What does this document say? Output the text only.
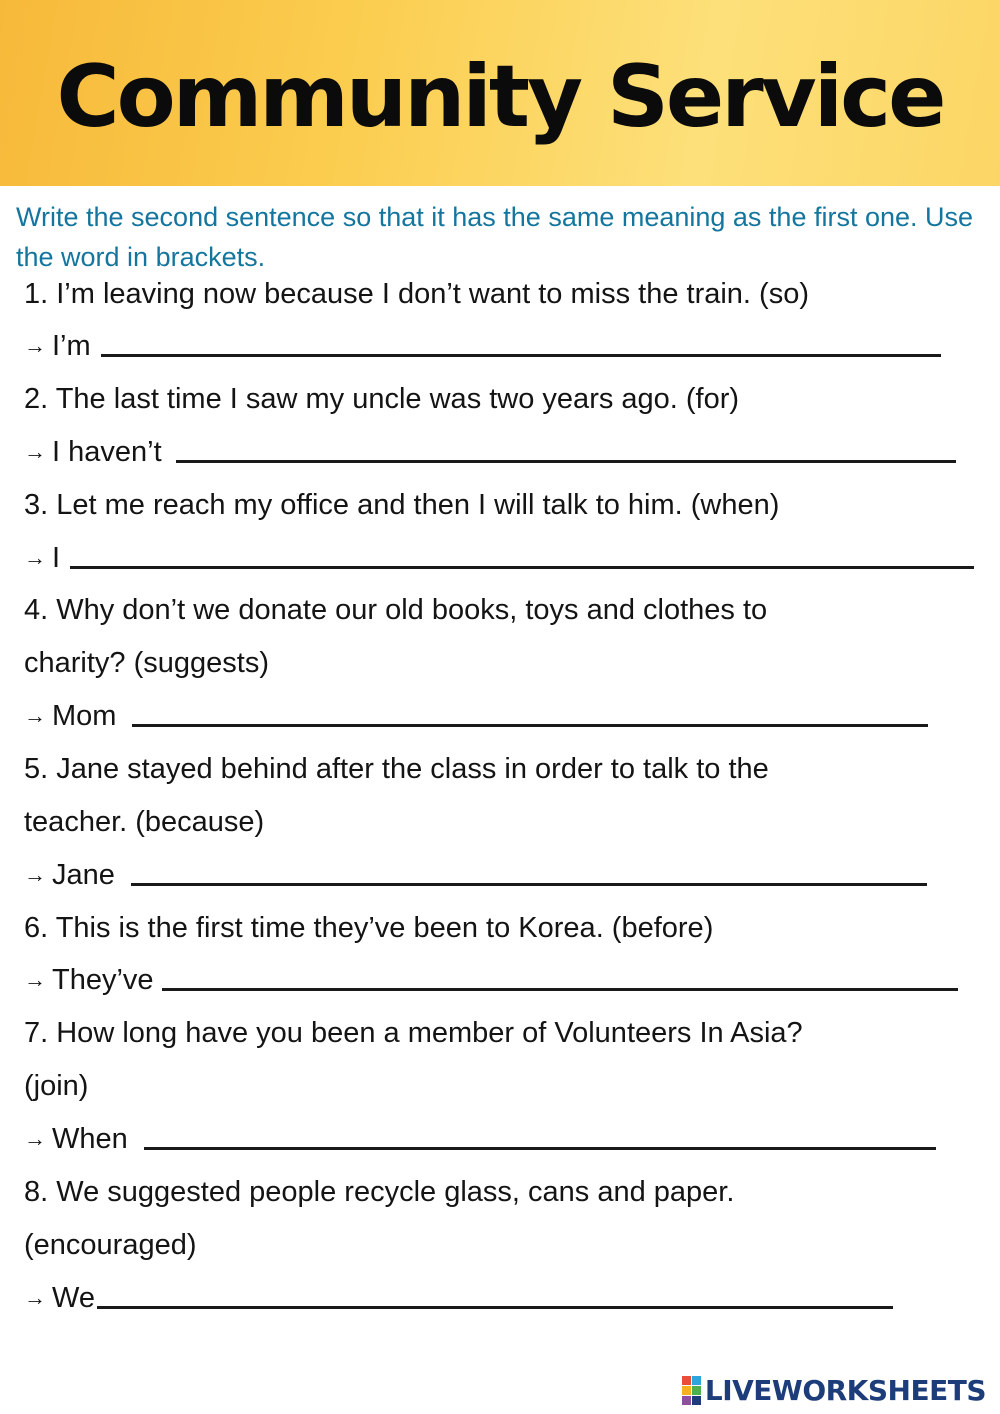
Community Service
Write the second sentence so that it has the same meaning as the first one. Use the word in brackets.
1. I’m leaving now because I don’t want to miss the train. (so)
→ I’m
2. The last time I saw my uncle was two years ago. (for)
→ I haven’t
3. Let me reach my office and then I will talk to him. (when)
→ I
4. Why don’t we donate our old books, toys and clothes to
charity? (suggests)
→ Mom
5. Jane stayed behind after the class in order to talk to the
teacher. (because)
→ Jane
6. This is the first time they’ve been to Korea. (before)
→ They’ve
7. How long have you been a member of Volunteers In Asia?
(join)
→ When
8. We suggested people recycle glass, cans and paper.
(encouraged)
→ We
LIVEWORKSHEETS
